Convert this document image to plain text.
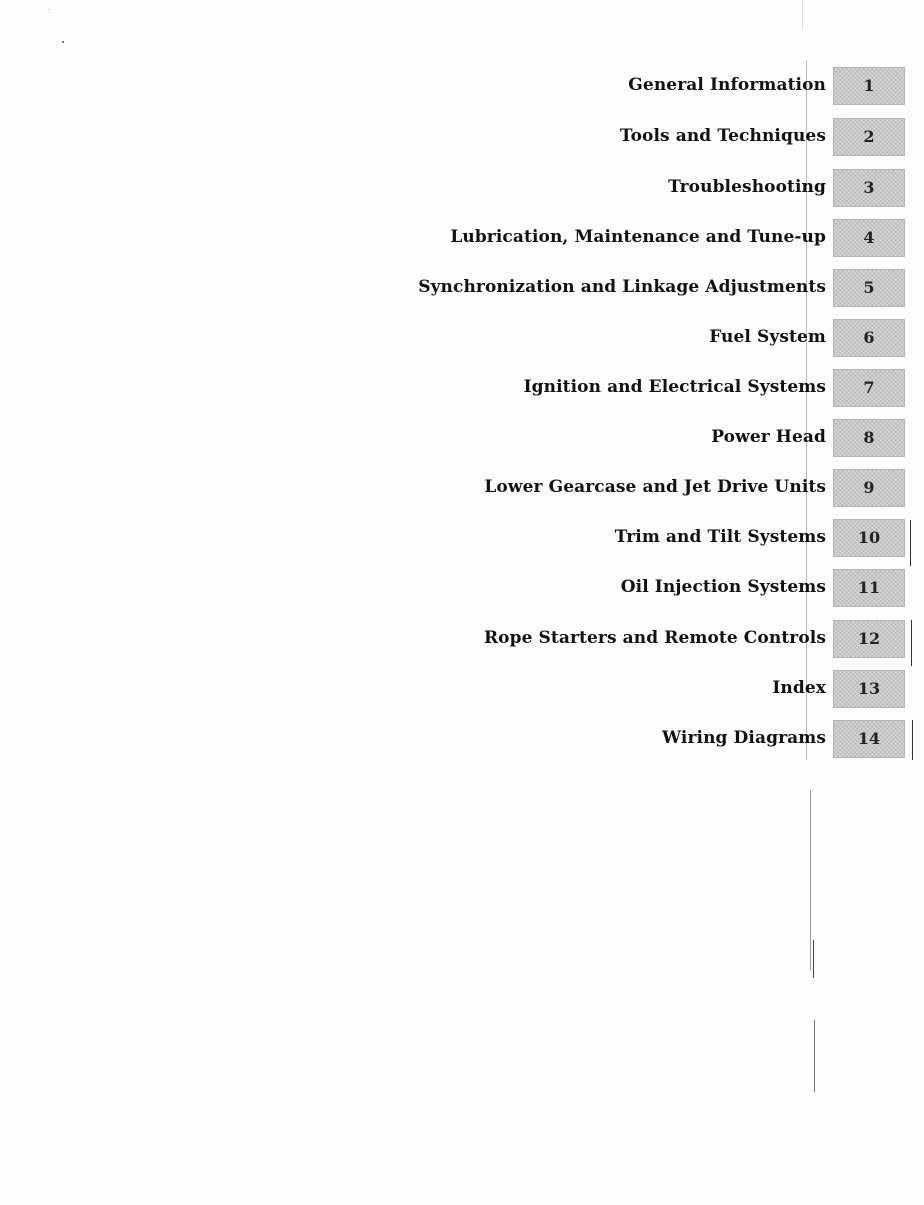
General Information	1
Tools and Techniques	2
Troubleshooting	3
Lubrication, Maintenance and Tune-up	4
Synchronization and Linkage Adjustments	5
Fuel System	6
Ignition and Electrical Systems	7
Power Head	8
Lower Gearcase and Jet Drive Units	9
Trim and Tilt Systems	10
Oil Injection Systems	11
Rope Starters and Remote Controls	12
Index	13
Wiring Diagrams	14
